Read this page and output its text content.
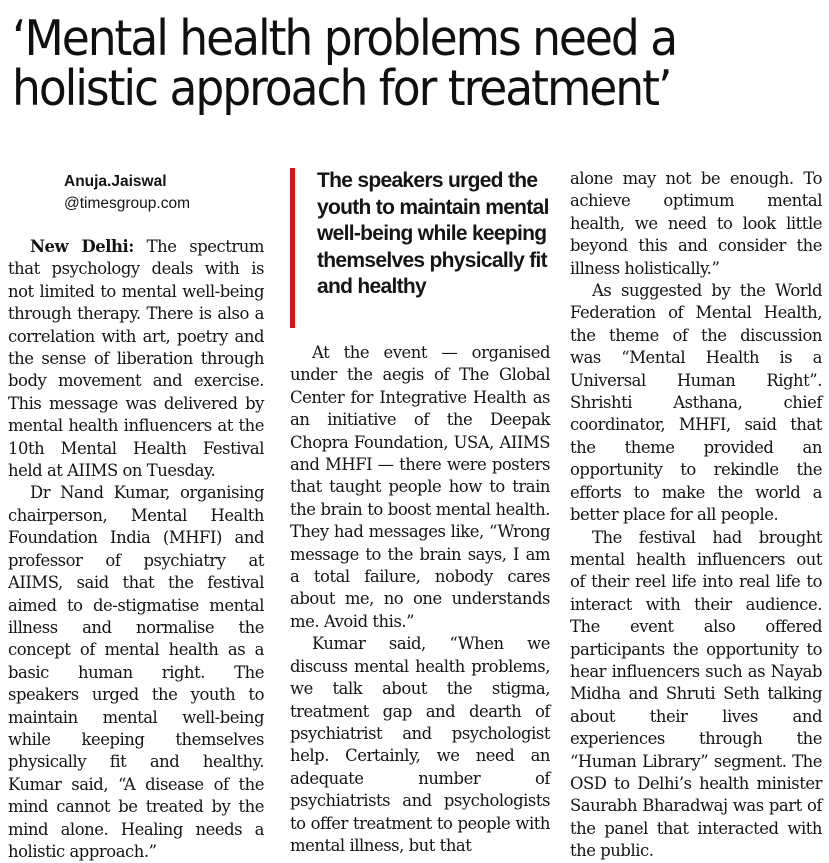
‘Mental health problems need a
holistic approach for treatment’
Anuja.Jaiswal
@timesgroup.com

New Delhi: The spectrum that psychology deals with is not limited to mental well-being through therapy. There is also a correlation with art, poetry and the sense of liberation through body movement and exercise. This message was delivered by mental health influencers at the 10th Mental Health Festival held at AIIMS on Tuesday.

Dr Nand Kumar, organising chairperson, Mental Health Foundation India (MHFI) and professor of psychiatry at AIIMS, said that the festival aimed to de-stigmatise mental illness and normalise the concept of mental health as a basic human right. The speakers urged the youth to maintain mental well-being while keeping themselves physically fit and healthy. Kumar said, “A disease of the mind cannot be treated by the mind alone. Healing needs a holistic approach.”

The speakers urged the youth to maintain mental well-being while keeping themselves physically fit and healthy

At the event — organised under the aegis of The Global Center for Integrative Health as an initiative of the Deepak Chopra Foundation, USA, AIIMS and MHFI — there were posters that taught people how to train the brain to boost mental health. They had messages like, “Wrong message to the brain says, I am a total failure, nobody cares about me, no one understands me. Avoid this.”

Kumar said, “When we discuss mental health problems, we talk about the stigma, treatment gap and dearth of psychiatrist and psychologist help. Certainly, we need an adequate number of psychiatrists and psychologists to offer treatment to people with mental illness, but that

alone may not be enough. To achieve optimum mental health, we need to look little beyond this and consider the illness holistically.”

As suggested by the World Federation of Mental Health, the theme of the discussion was “Mental Health is a Universal Human Right”. Shrishti Asthana, chief coordinator, MHFI, said that the theme provided an opportunity to rekindle the efforts to make the world a better place for all people.

The festival had brought mental health influencers out of their reel life into real life to interact with their audience. The event also offered participants the opportunity to hear influencers such as Nayab Midha and Shruti Seth talking about their lives and experiences through the “Human Library” segment. The OSD to Delhi’s health minister Saurabh Bharadwaj was part of the panel that interacted with the public.
